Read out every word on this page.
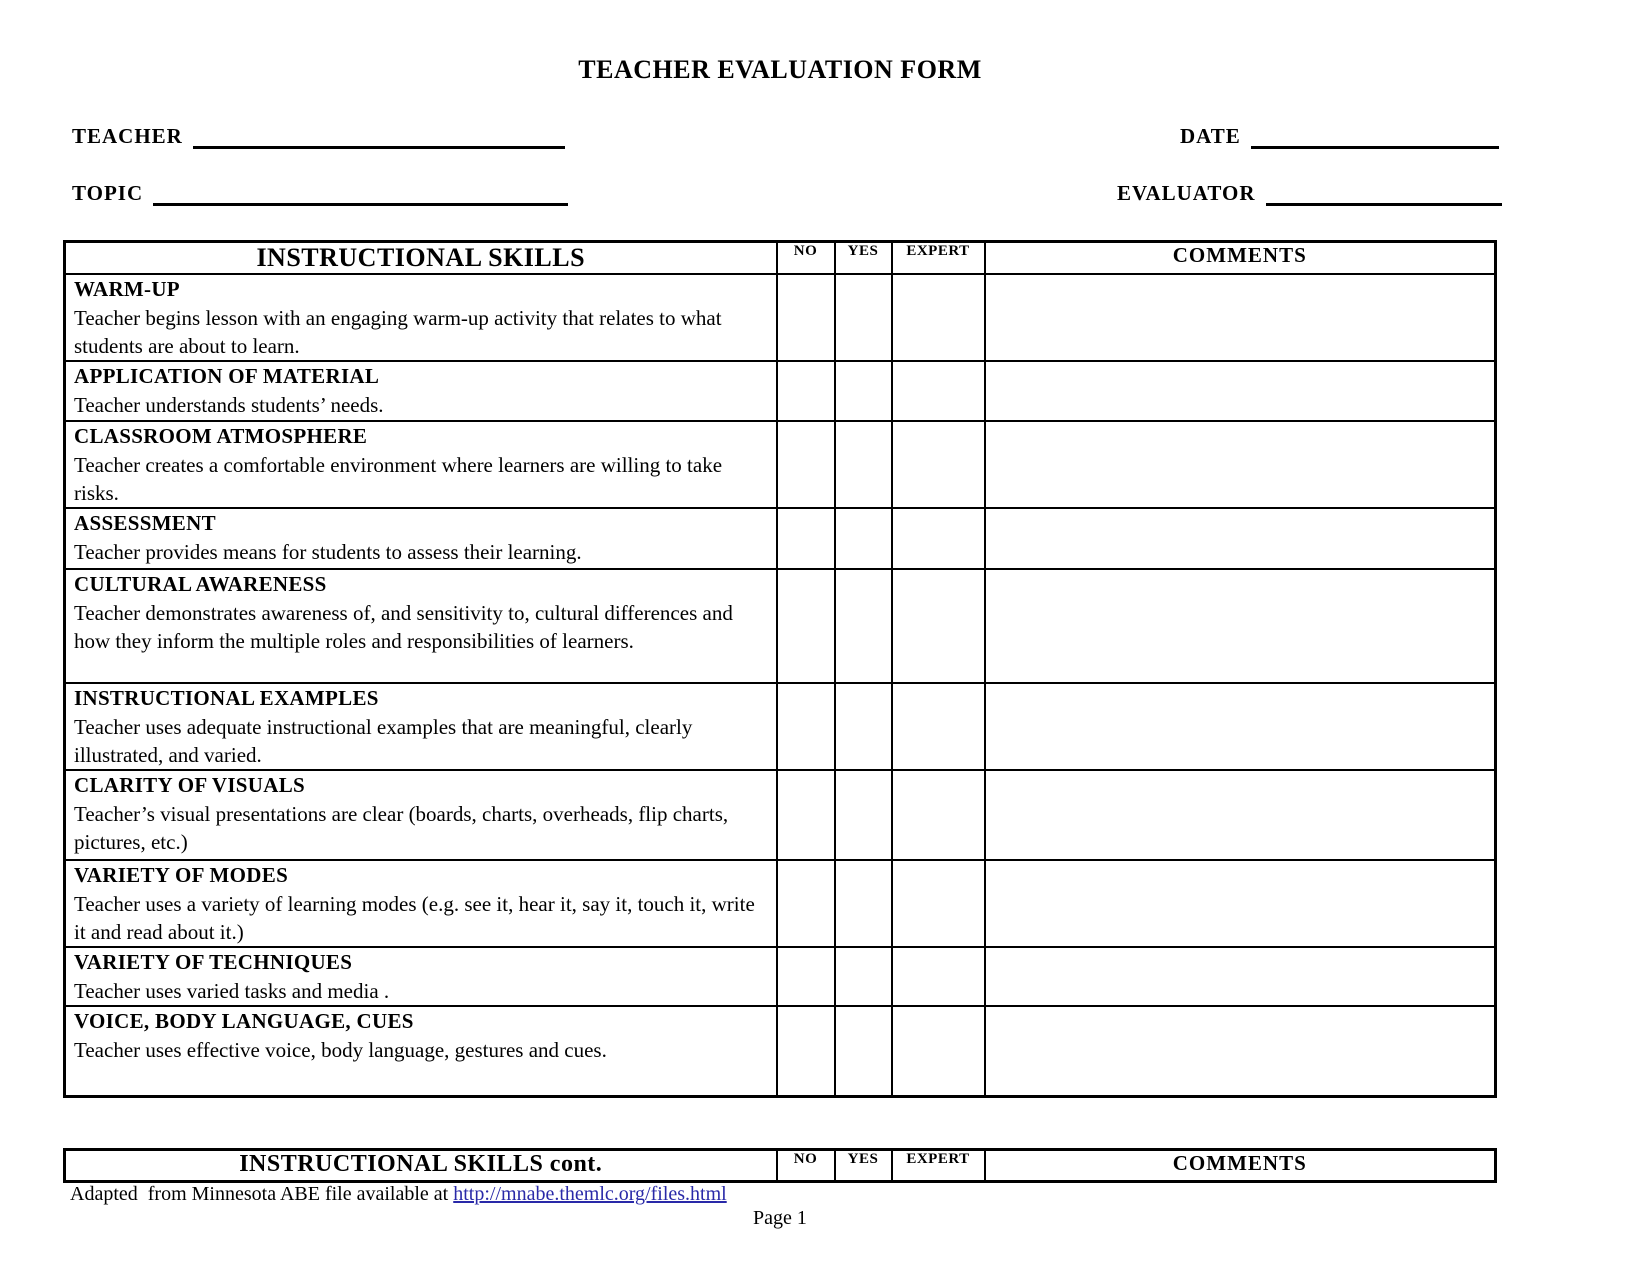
TEACHER EVALUATION FORM
TEACHER	DATE
TOPIC	EVALUATOR
INSTRUCTIONAL SKILLS	NO	YES	EXPERT	COMMENTS

WARM-UP
Teacher begins lesson with an engaging warm-up activity that relates to what students are about to learn.				

APPLICATION OF MATERIAL
Teacher understands students’ needs.				

CLASSROOM ATMOSPHERE
Teacher creates a comfortable environment where learners are willing to take risks.				

ASSESSMENT
Teacher provides means for students to assess their learning.				

CULTURAL AWARENESS
Teacher demonstrates awareness of, and sensitivity to, cultural differences and how they inform the multiple roles and responsibilities of learners.				

INSTRUCTIONAL EXAMPLES
Teacher uses adequate instructional examples that are meaningful, clearly illustrated, and varied.				

CLARITY OF VISUALS
Teacher’s visual presentations are clear (boards, charts, overheads, flip charts, pictures, etc.)				

VARIETY OF MODES
Teacher uses a variety of learning modes (e.g. see it, hear it, say it, touch it, write it and read about it.)				

VARIETY OF TECHNIQUES
Teacher uses varied tasks and media .				

VOICE, BODY LANGUAGE, CUES
Teacher uses effective voice, body language, gestures and cues.				

INSTRUCTIONAL SKILLS cont.	NO	YES	EXPERT	COMMENTS
Adapted  from Minnesota ABE file available at http://mnabe.themlc.org/files.html
Page 1
